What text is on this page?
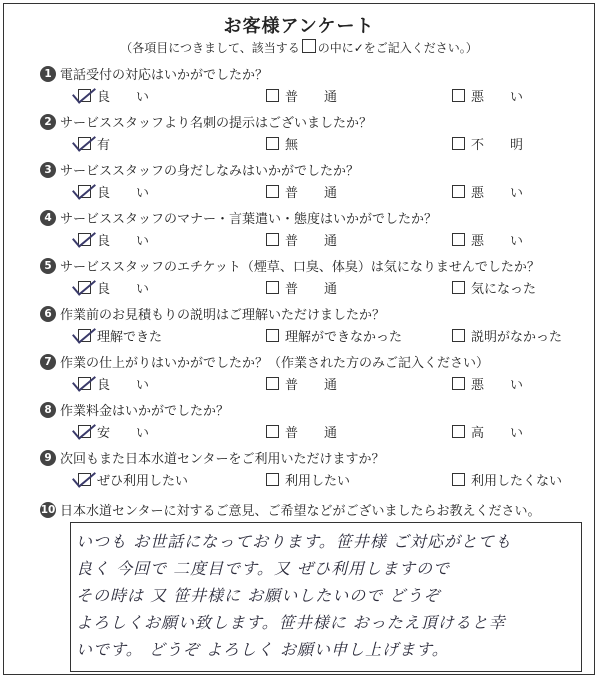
お客様アンケート
（各項目につきまして、該当する の中に✓をご記入ください。）
1 電話受付の対応はいかがでしたか？
良　　い	普　　通	悪　　い
2 サービススタッフより名刺の提示はございましたか？
有	無	不　　明
3 サービススタッフの身だしなみはいかがでしたか？
良　　い	普　　通	悪　　い
4 サービススタッフのマナー・言葉遣い・態度はいかがでしたか？
良　　い	普　　通	悪　　い
5 サービススタッフのエチケット（煙草、口臭、体臭）は気になりませんでしたか？
良　　い	普　　通	気になった
6 作業前のお見積もりの説明はご理解いただけましたか？
理解できた	理解ができなかった	説明がなかった
7 作業の仕上がりはいかがでしたか？（作業された方のみご記入ください）
良　　い	普　　通	悪　　い
8 作業料金はいかがでしたか？
安　　い	普　　通	高　　い
9 次回もまた日本水道センターをご利用いただけますか？
ぜひ利用したい	利用したい	利用したくない
10 日本水道センターに対するご意見、ご希望などがございましたらお教えください。
いつも お世話になっております。笹井様 ご対応がとても
良く 今回で 二度目です。又 ぜひ利用しますので
その時は 又 笹井様に お願いしたいので どうぞ
よろしくお願い致します。笹井様に おったえ頂けると幸
いです。 どうぞ よろしく お願い申し上げます。
